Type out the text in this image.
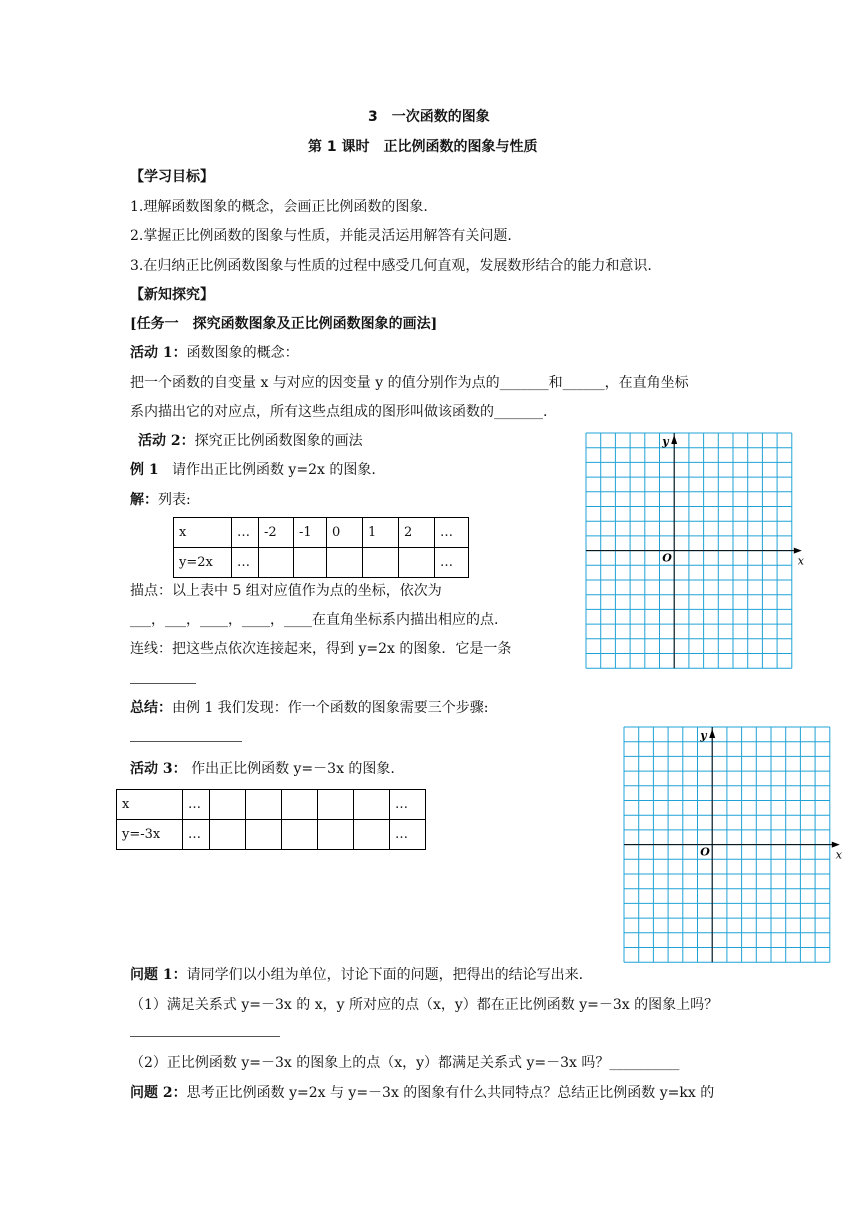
3　一次函数的图象
第 1 课时　正比例函数的图象与性质
【学习目标】
1.理解函数图象的概念，会画正比例函数的图象.
2.掌握正比例函数的图象与性质，并能灵活运用解答有关问题.
3.在归纳正比例函数图象与性质的过程中感受几何直观，发展数形结合的能力和意识.
【新知探究】
[任务一　探究函数图象及正比例函数图象的画法]
活动 1：函数图象的概念：
把一个函数的自变量 x 与对应的因变量 y 的值分别作为点的_______和______，在直角坐标
系内描出它的对应点，所有这些点组成的图形叫做该函数的_______.
活动 2：探究正比例函数图象的画法
例 1 请作出正比例函数 y=2x 的图象.
解：列表:
x	…	-2	-1	0	1	2	…
y=2x	…						…
描点：以上表中 5 组对应值作为点的坐标，依次为
___，___，____，____，____在直角坐标系内描出相应的点.
连线：把这些点依次连接起来，得到 y=2x 的图象．它是一条
总结：由例 1 我们发现：作一个函数的图象需要三个步骤:
活动 3： 作出正比例函数 y=－3x 的图象.
x	…						…
y=-3x	…						…
问题 1：请同学们以小组为单位，讨论下面的问题，把得出的结论写出来.
（1）满足关系式 y=－3x 的 x，y 所对应的点（x，y）都在正比例函数 y=－3x 的图象上吗？
（2）正比例函数 y=－3x 的图象上的点（x，y）都满足关系式 y=－3x 吗？__________
问题 2：思考正比例函数 y=2x 与 y=－3x 的图象有什么共同特点？总结正比例函数 y=kx 的
x
y
O
x
y
O
